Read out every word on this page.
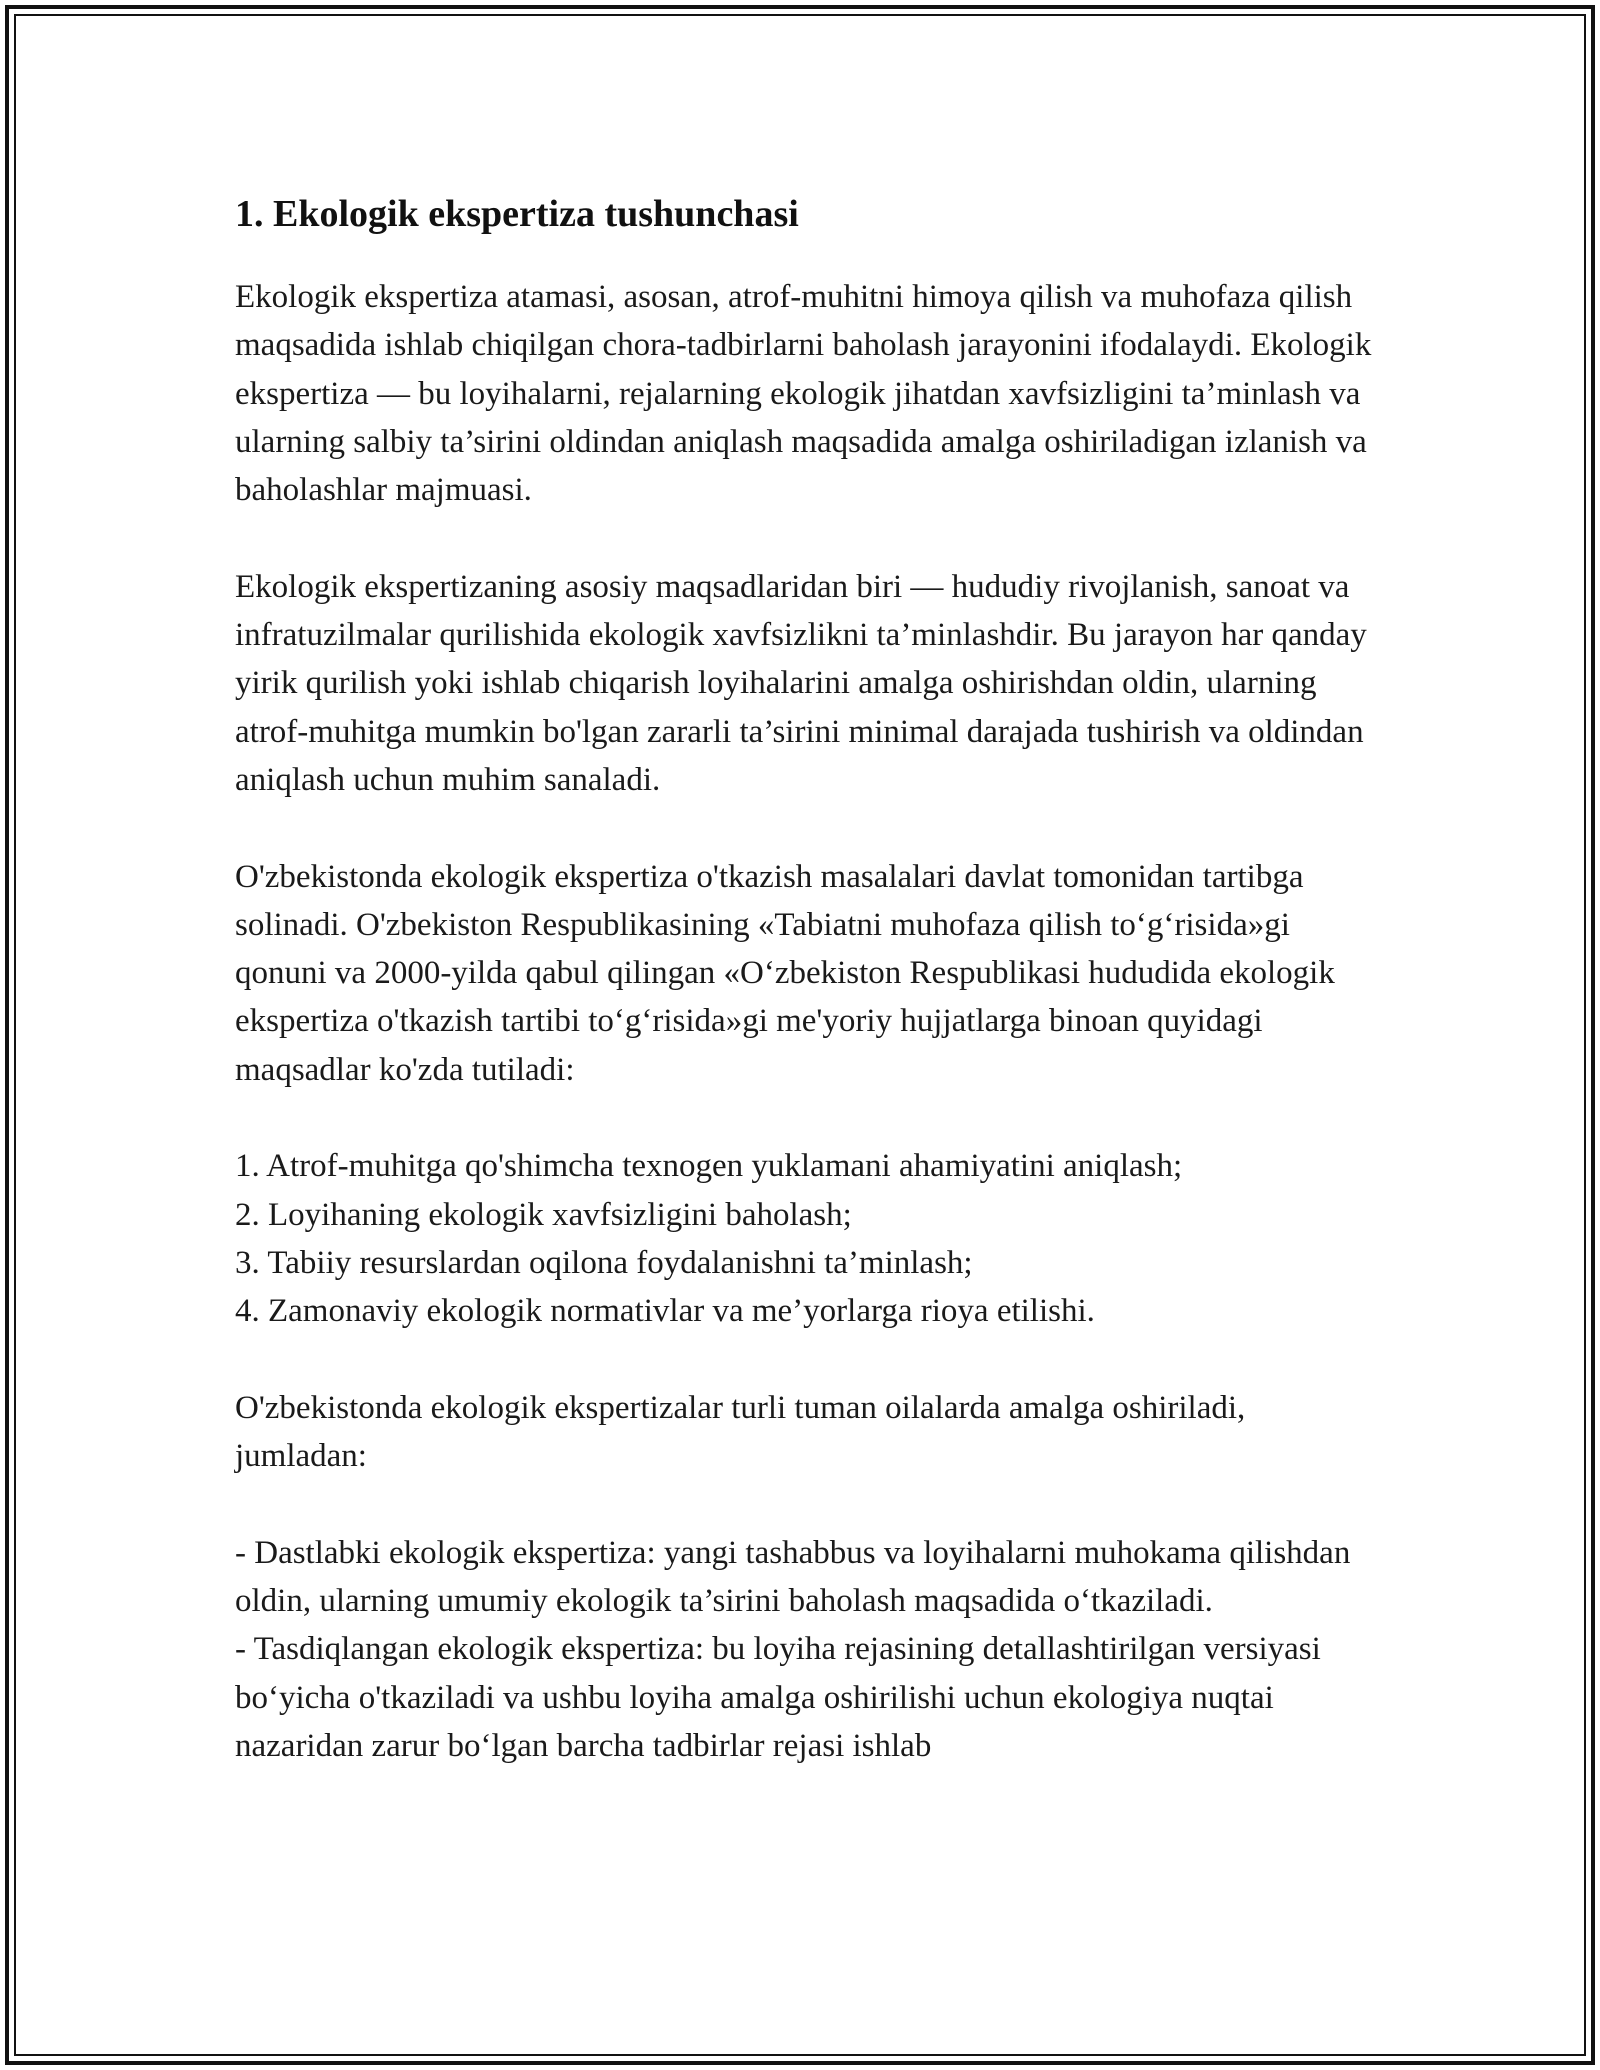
1. Ekologik ekspertiza tushunchasi

Ekologik ekspertiza atamasi, asosan, atrof-muhitni himoya qilish va muhofaza qilish maqsadida ishlab chiqilgan chora-tadbirlarni baholash jarayonini ifodalaydi. Ekologik ekspertiza — bu loyihalarni, rejalarning ekologik jihatdan xavfsizligini ta’minlash va ularning salbiy ta’sirini oldindan aniqlash maqsadida amalga oshiriladigan izlanish va baholashlar majmuasi.

Ekologik ekspertizaning asosiy maqsadlaridan biri — hududiy rivojlanish, sanoat va infratuzilmalar qurilishida ekologik xavfsizlikni ta’minlashdir. Bu jarayon har qanday yirik qurilish yoki ishlab chiqarish loyihalarini amalga oshirishdan oldin, ularning atrof-muhitga mumkin bo'lgan zararli ta’sirini minimal darajada tushirish va oldindan aniqlash uchun muhim sanaladi.

O'zbekistonda ekologik ekspertiza o'tkazish masalalari davlat tomonidan tartibga solinadi. O'zbekiston Respublikasining «Tabiatni muhofaza qilish to‘g‘risida»gi qonuni va 2000-yilda qabul qilingan «O‘zbekiston Respublikasi hududida ekologik ekspertiza o'tkazish tartibi to‘g‘risida»gi me'yoriy hujjatlarga binoan quyidagi maqsadlar ko'zda tutiladi:

1. Atrof-muhitga qo'shimcha texnogen yuklamani ahamiyatini aniqlash;

2. Loyihaning ekologik xavfsizligini baholash;

3. Tabiiy resurslardan oqilona foydalanishni ta’minlash;

4. Zamonaviy ekologik normativlar va me’yorlarga rioya etilishi.

O'zbekistonda ekologik ekspertizalar turli tuman oilalarda amalga oshiriladi, jumladan:

- Dastlabki ekologik ekspertiza: yangi tashabbus va loyihalarni muhokama qilishdan oldin, ularning umumiy ekologik ta’sirini baholash maqsadida o‘tkaziladi.

- Tasdiqlangan ekologik ekspertiza: bu loyiha rejasining detallashtirilgan versiyasi bo‘yicha o'tkaziladi va ushbu loyiha amalga oshirilishi uchun ekologiya nuqtai nazaridan zarur bo‘lgan barcha tadbirlar rejasi ishlab
